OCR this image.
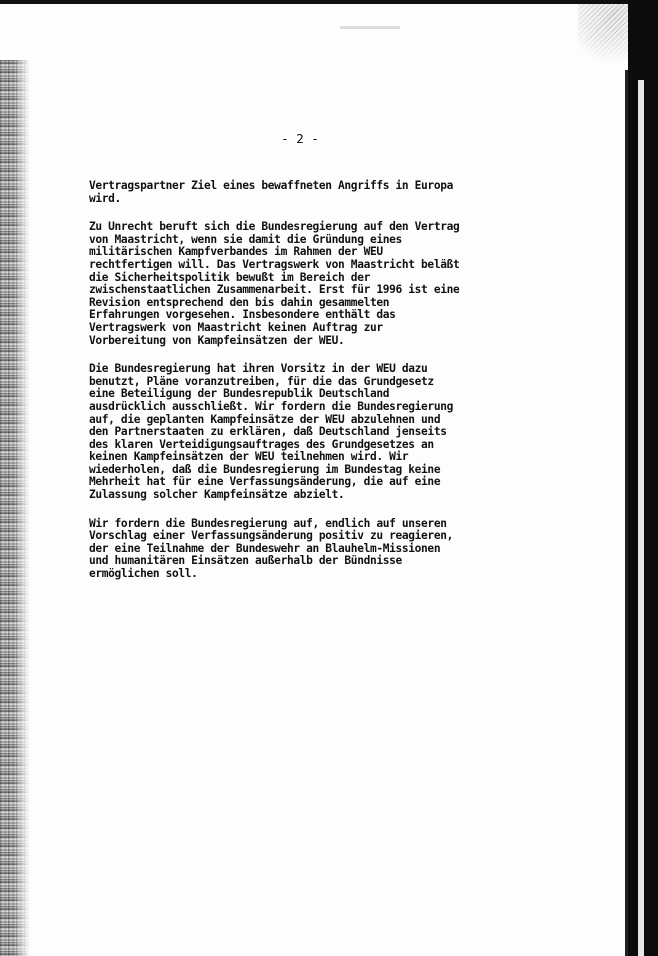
- 2 -

Vertragspartner Ziel eines bewaffneten Angriffs in Europa
wird.

Zu Unrecht beruft sich die Bundesregierung auf den Vertrag
von Maastricht, wenn sie damit die Gründung eines
militärischen Kampfverbandes im Rahmen der WEU
rechtfertigen will. Das Vertragswerk von Maastricht beläßt
die Sicherheitspolitik bewußt im Bereich der
zwischenstaatlichen Zusammenarbeit. Erst für 1996 ist eine
Revision entsprechend den bis dahin gesammelten
Erfahrungen vorgesehen. Insbesondere enthält das
Vertragswerk von Maastricht keinen Auftrag zur
Vorbereitung von Kampfeinsätzen der WEU.

Die Bundesregierung hat ihren Vorsitz in der WEU dazu
benutzt, Pläne voranzutreiben, für die das Grundgesetz
eine Beteiligung der Bundesrepublik Deutschland
ausdrücklich ausschließt. Wir fordern die Bundesregierung
auf, die geplanten Kampfeinsätze der WEU abzulehnen und
den Partnerstaaten zu erklären, daß Deutschland jenseits
des klaren Verteidigungsauftrages des Grundgesetzes an
keinen Kampfeinsätzen der WEU teilnehmen wird. Wir
wiederholen, daß die Bundesregierung im Bundestag keine
Mehrheit hat für eine Verfassungsänderung, die auf eine
Zulassung solcher Kampfeinsätze abzielt.

Wir fordern die Bundesregierung auf, endlich auf unseren
Vorschlag einer Verfassungsänderung positiv zu reagieren,
der eine Teilnahme der Bundeswehr an Blauhelm-Missionen
und humanitären Einsätzen außerhalb der Bündnisse
ermöglichen soll.
